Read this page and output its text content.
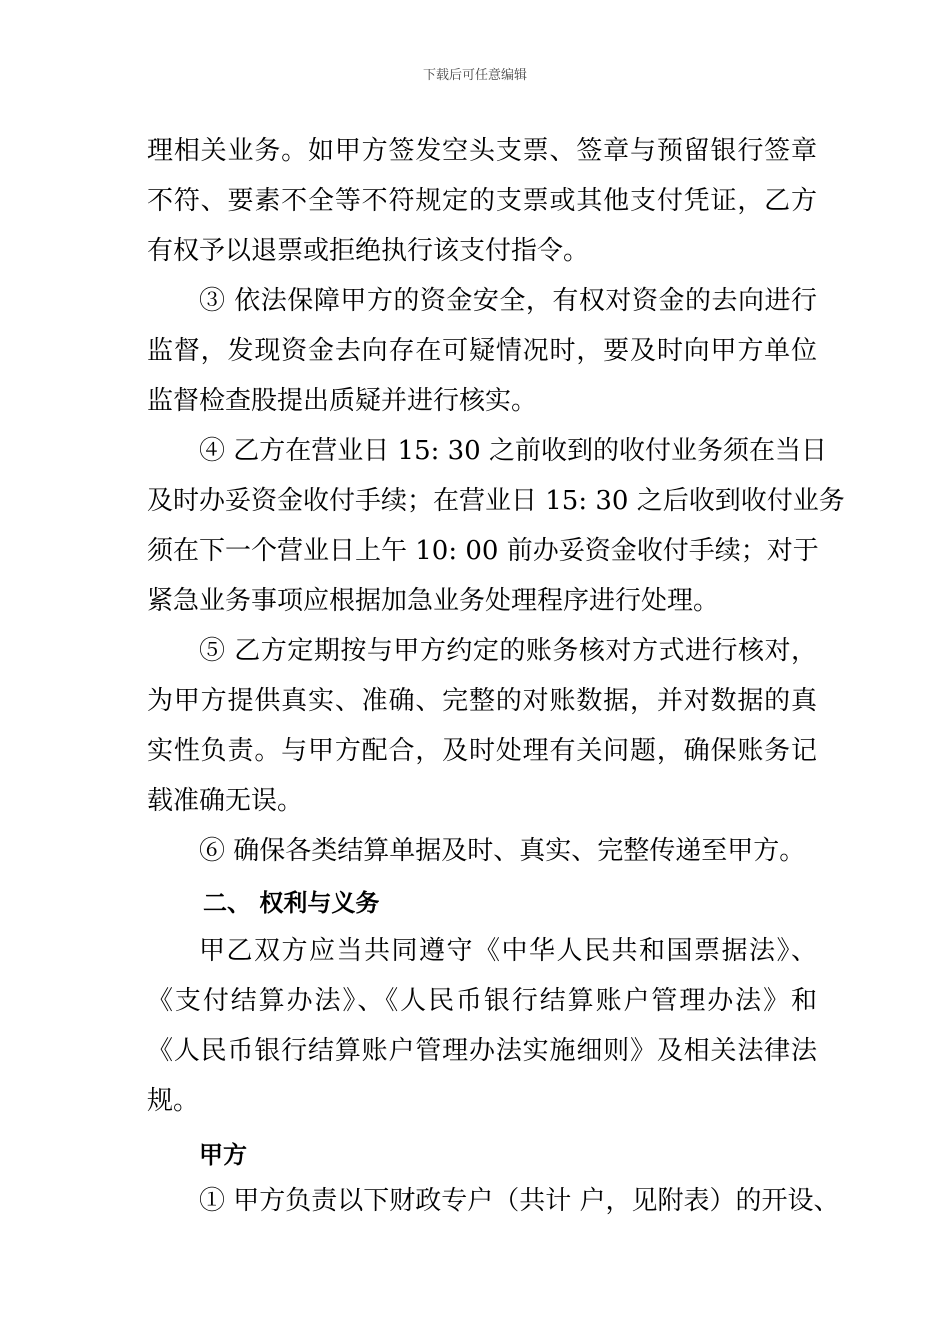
下载后可任意编辑
理相关业务。如甲方签发空头支票、签章与预留银行签章
不符、要素不全等不符规定的支票或其他支付凭证，乙方
有权予以退票或拒绝执行该支付指令。
③ 依法保障甲方的资金安全，有权对资金的去向进行
监督，发现资金去向存在可疑情况时，要及时向甲方单位
监督检查股提出质疑并进行核实。
④ 乙方在营业日 15: 30 之前收到的收付业务须在当日
及时办妥资金收付手续；在营业日 15: 30 之后收到收付业务
须在下一个营业日上午 10: 00 前办妥资金收付手续；对于
紧急业务事项应根据加急业务处理程序进行处理。
⑤ 乙方定期按与甲方约定的账务核对方式进行核对，
为甲方提供真实、准确、完整的对账数据，并对数据的真
实性负责。与甲方配合，及时处理有关问题，确保账务记
载准确无误。
⑥ 确保各类结算单据及时、真实、完整传递至甲方。
二、 权利与义务
甲乙双方应当共同遵守《中华人民共和国票据法》、
《支付结算办法》、《人民币银行结算账户管理办法》和
《人民币银行结算账户管理办法实施细则》及相关法律法
规。
甲方
① 甲方负责以下财政专户（共计 户，见附表）的开设、
